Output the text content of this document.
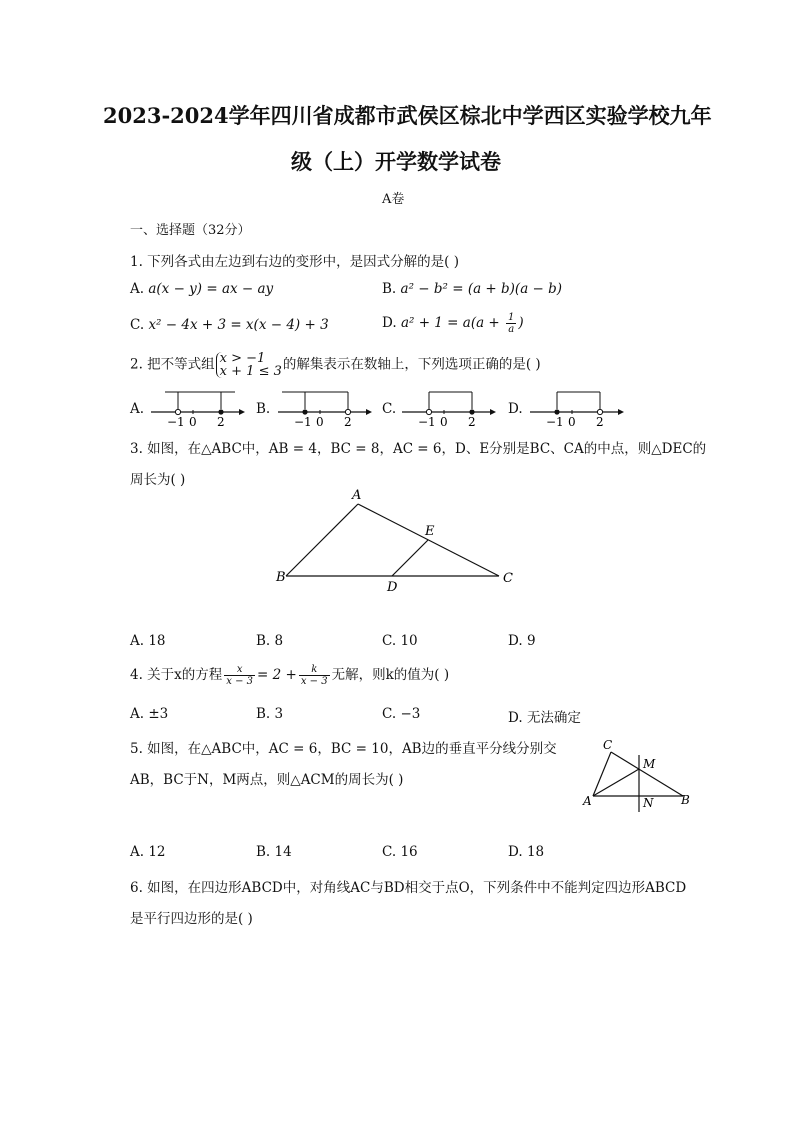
2023-2024学年四川省成都市武侯区棕北中学西区实验学校九年
级（上）开学数学试卷
A卷
一、选择题（32分）
1. 下列各式由左边到右边的变形中，是因式分解的是( )
A. a(x − y) = ax − ay	B. a² − b² = (a + b)(a − b)
C. x² − 4x + 3 = x(x − 4) + 3	D. $a^2 + 1 = a(a + \frac{1}{a}$ )
2. 把不等式组 x > −1
x + 1 ≤ 3 的解集表示在数轴上，下列选项正确的是( )
A.	B.	C.	D.
−1 0 2	−1 0 2	−1 0 2	−1 0 2
3. 如图，在△ABC中，AB = 4，BC = 8，AC = 6，D、E分别是BC、CA的中点，则△DEC的
周长为( )
A
B	C
D
E
A. 18	B. 8	C. 10	D. 9
4. 关于x的方程 $\frac{x}{x - 3} = 2 + \frac{k}{x - 3}$ 无解，则k的值为( )
A. ±3	B. 3	C. −3	D. 无法确定
5. 如图，在△ABC中，AC = 6，BC = 10，AB边的垂直平分线分别交
AB，BC于N，M两点，则△ACM的周长为( )
C
A	B
M
N
A. 12	B. 14	C. 16	D. 18
6. 如图，在四边形ABCD中，对角线AC与BD相交于点O，下列条件中不能判定四边形ABCD
是平行四边形的是( )
